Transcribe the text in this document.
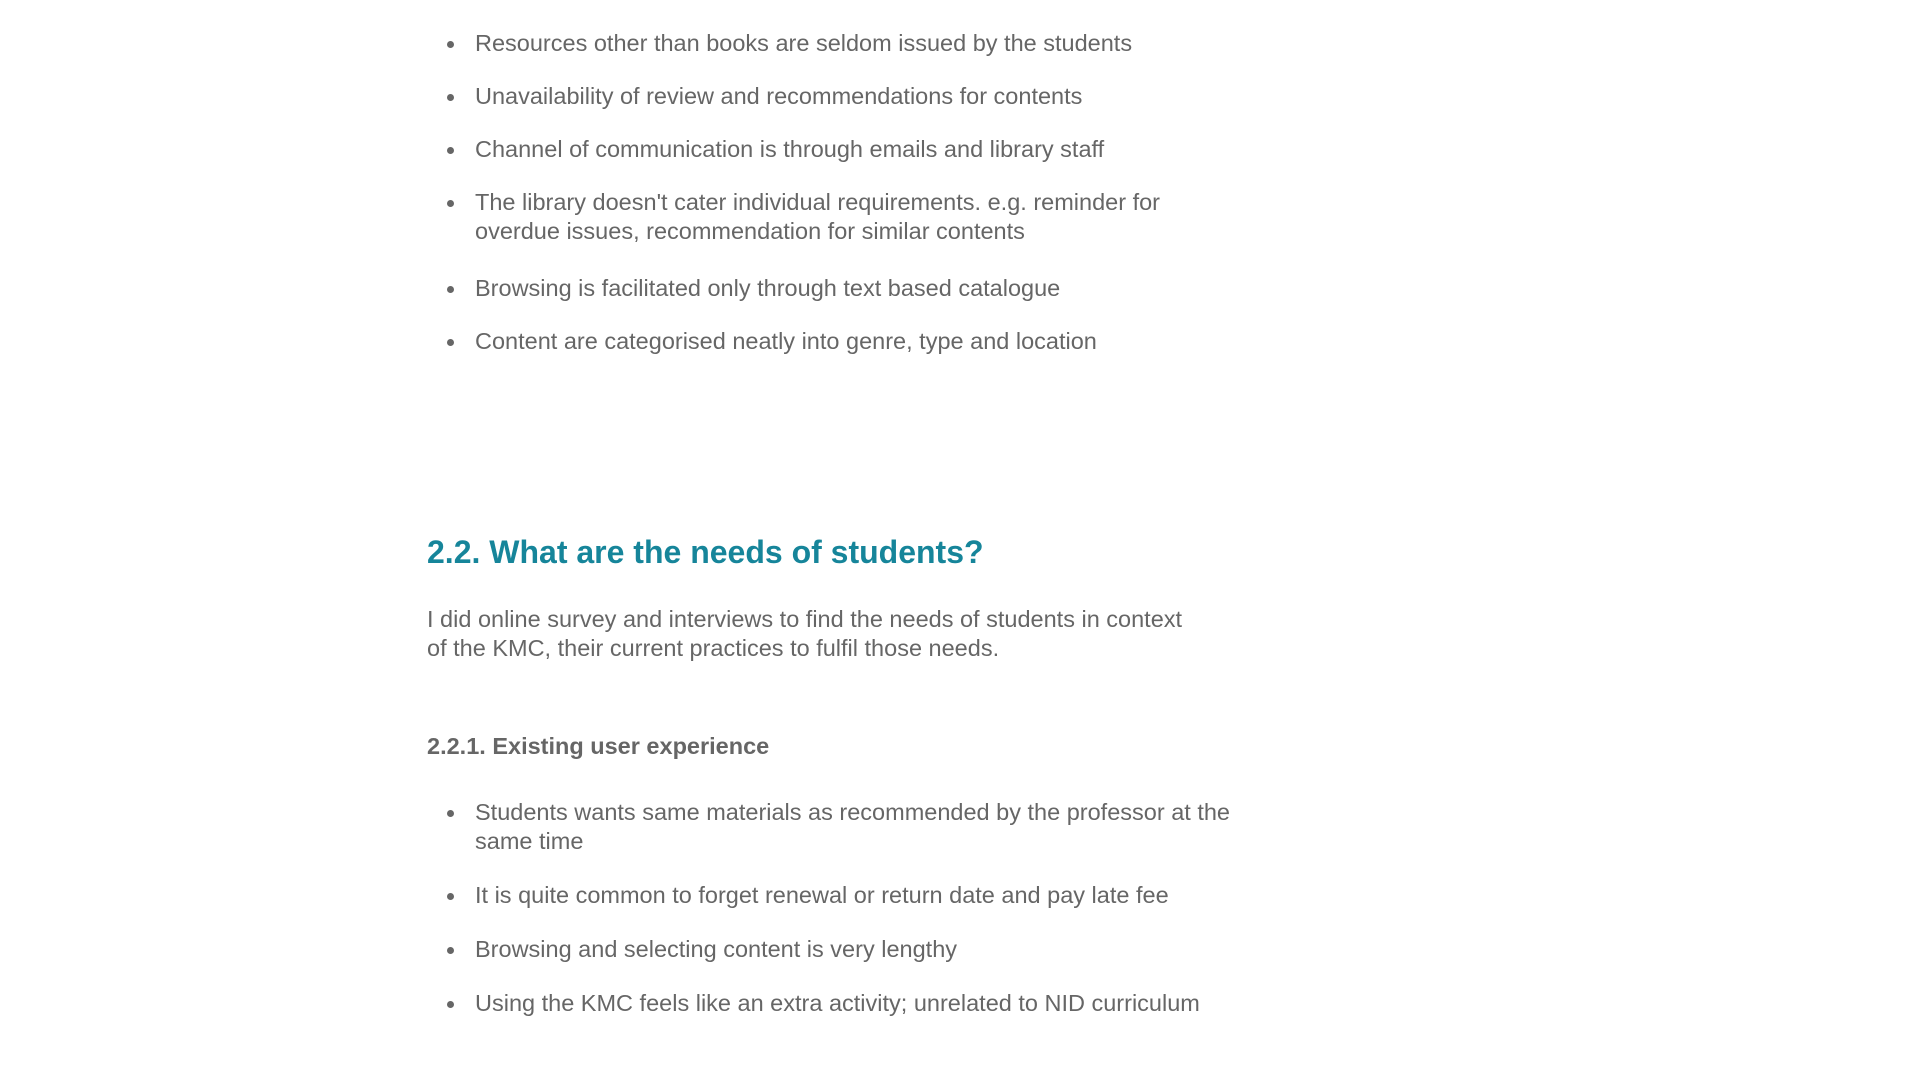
Resources other than books are seldom issued by the students
Unavailability of review and recommendations for contents
Channel of communication is through emails and library staff
The library doesn't cater individual requirements. e.g. reminder for overdue issues, recommendation for similar contents
Browsing is facilitated only through text based catalogue
Content are categorised neatly into genre, type and location
2.2. What are the needs of students?

I did online survey and interviews to find the needs of students in context of the KMC, their current practices to fulfil those needs.

2.2.1. Existing user experience
Students wants same materials as recommended by the professor at the same time
It is quite common to forget renewal or return date and pay late fee
Browsing and selecting content is very lengthy
Using the KMC feels like an extra activity; unrelated to NID curriculum
